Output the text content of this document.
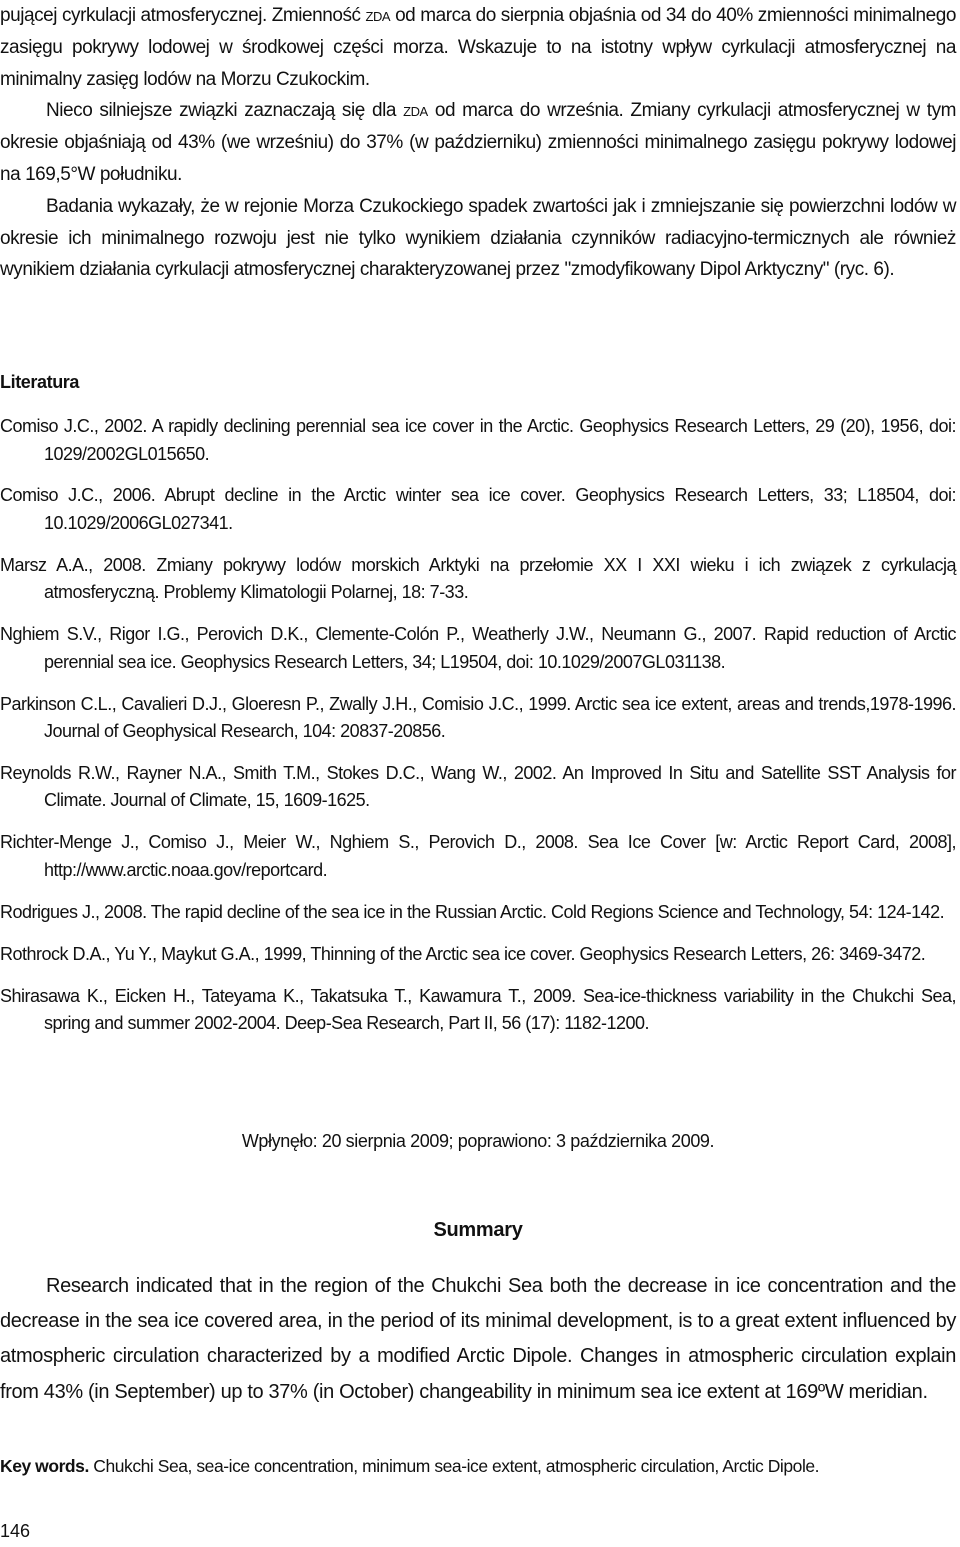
pującej cyrkulacji atmosferycznej. Zmienność zda od marca do sierpnia objaśnia od 34 do 40% zmienności minimalnego zasięgu pokrywy lodowej w środkowej części morza. Wskazuje to na istotny wpływ cyrkulacji atmosferycznej na minimalny zasięg lodów na Morzu Czukockim.

Nieco silniejsze związki zaznaczają się dla zda od marca do września. Zmiany cyrkulacji atmosferycznej w tym okresie objaśniają od 43% (we wrześniu) do 37% (w październiku) zmienności minimalnego zasięgu pokrywy lodowej na 169,5°W południku.

Badania wykazały, że w rejonie Morza Czukockiego spadek zwartości jak i zmniejszanie się powierzchni lodów w okresie ich minimalnego rozwoju jest nie tylko wynikiem działania czynników radiacyjno-termicznych ale również wynikiem działania cyrkulacji atmosferycznej charakteryzowanej przez "zmodyfikowany Dipol Arktyczny" (ryc. 6).

Literatura

Comiso J.C., 2002. A rapidly declining perennial sea ice cover in the Arctic. Geophysics Research Letters, 29 (20), 1956, doi: 1029/2002GL015650.

Comiso J.C., 2006. Abrupt decline in the Arctic winter sea ice cover. Geophysics Research Letters, 33; L18504, doi: 10.1029/2006GL027341.

Marsz A.A., 2008. Zmiany pokrywy lodów morskich Arktyki na przełomie XX I XXI wieku i ich związek z cyrkulacją atmosferyczną. Problemy Klimatologii Polarnej, 18: 7-33.

Nghiem S.V., Rigor I.G., Perovich D.K., Clemente-Colón P., Weatherly J.W., Neumann G., 2007. Rapid reduction of Arctic perennial sea ice. Geophysics Research Letters, 34; L19504, doi: 10.1029/2007GL031138.

Parkinson C.L., Cavalieri D.J., Gloeresn P., Zwally J.H., Comisio J.C., 1999. Arctic sea ice extent, areas and trends,1978-1996. Journal of Geophysical Research, 104: 20837-20856.

Reynolds R.W., Rayner N.A., Smith T.M., Stokes D.C., Wang W., 2002. An Improved In Situ and Satellite SST Analysis for Climate. Journal of Climate, 15, 1609-1625.

Richter-Menge J., Comiso J., Meier W., Nghiem S., Perovich D., 2008. Sea Ice Cover [w: Arctic Report Card, 2008], http://www.arctic.noaa.gov/reportcard.

Rodrigues J., 2008. The rapid decline of the sea ice in the Russian Arctic. Cold Regions Science and Technology, 54: 124-142.

Rothrock D.A., Yu Y., Maykut G.A., 1999, Thinning of the Arctic sea ice cover. Geophysics Research Letters, 26: 3469-3472.

Shirasawa K., Eicken H., Tateyama K., Takatsuka T., Kawamura T., 2009. Sea-ice-thickness variability in the Chukchi Sea, spring and summer 2002-2004. Deep-Sea Research, Part II, 56 (17): 1182-1200.

Wpłynęło: 20 sierpnia 2009; poprawiono: 3 października 2009.
Summary

Research indicated that in the region of the Chukchi Sea both the decrease in ice concentration and the decrease in the sea ice covered area, in the period of its minimal development, is to a great extent influenced by atmospheric circulation characterized by a modified Arctic Dipole. Changes in atmospheric circulation explain from 43% (in September) up to 37% (in October) changeability in minimum sea ice extent at 169ºW meridian.

Key words. Chukchi Sea, sea-ice concentration, minimum sea-ice extent, atmospheric circulation, Arctic Dipole.

146
